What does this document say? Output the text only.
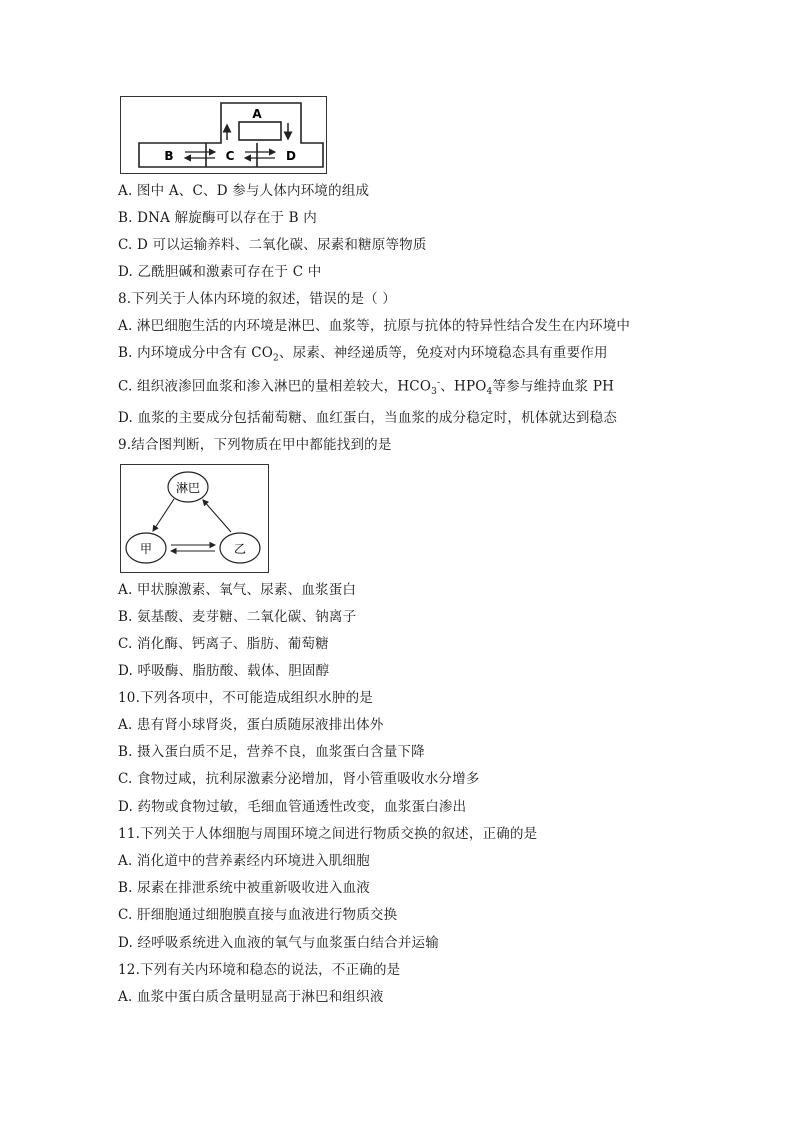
A
B	C	D
A. 图中 A、C、D 参与人体内环境的组成
B. DNA 解旋酶可以存在于 B 内
C. D 可以运输养料、二氧化碳、尿素和糖原等物质
D. 乙酰胆碱和激素可存在于 C 中
8.下列关于人体内环境的叙述，错误的是（ ）
A. 淋巴细胞生活的内环境是淋巴、血浆等，抗原与抗体的特异性结合发生在内环境中
B. 内环境成分中含有 $CO_2$、尿素、神经递质等，免疫对内环境稳态具有重要作用
C. 组织液渗回血浆和渗入淋巴的量相差较大，$HCO_3^-$、$HPO_4$等参与维持血浆 PH
D. 血浆的主要成分包括葡萄糖、血红蛋白，当血浆的成分稳定时，机体就达到稳态
9.结合图判断，下列物质在甲中都能找到的是
淋巴
甲	乙
A. 甲状腺激素、氧气、尿素、血浆蛋白
B. 氨基酸、麦芽糖、二氧化碳、钠离子
C. 消化酶、钙离子、脂肪、葡萄糖
D. 呼吸酶、脂肪酸、载体、胆固醇
10.下列各项中，不可能造成组织水肿的是
A. 患有肾小球肾炎，蛋白质随尿液排出体外
B. 摄入蛋白质不足，营养不良，血浆蛋白含量下降
C. 食物过咸，抗利尿激素分泌增加，肾小管重吸收水分增多
D. 药物或食物过敏，毛细血管通透性改变，血浆蛋白渗出
11.下列关于人体细胞与周围环境之间进行物质交换的叙述，正确的是
A. 消化道中的营养素经内环境进入肌细胞
B. 尿素在排泄系统中被重新吸收进入血液
C. 肝细胞通过细胞膜直接与血液进行物质交换
D. 经呼吸系统进入血液的氧气与血浆蛋白结合并运输
12.下列有关内环境和稳态的说法，不正确的是
A. 血浆中蛋白质含量明显高于淋巴和组织液
